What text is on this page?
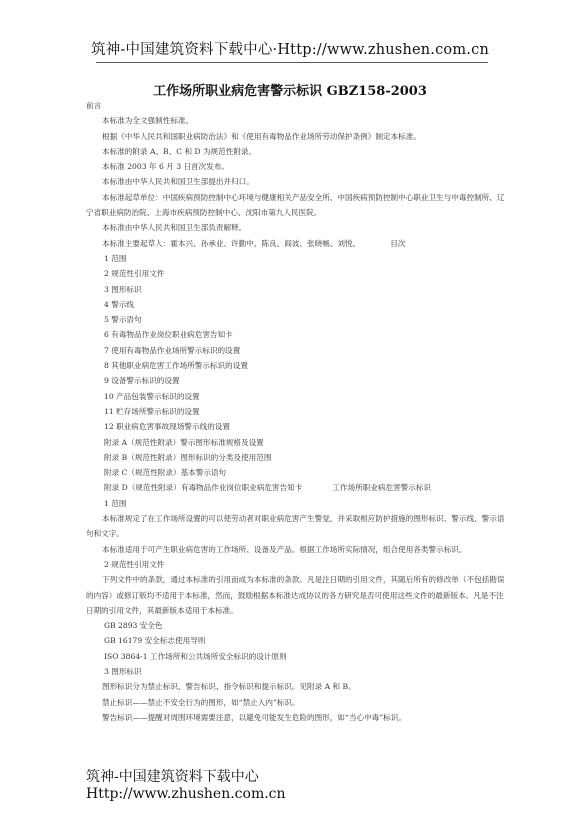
筑神-中国建筑资料下载中心·Http://www.zhushen.com.cn
工作场所职业病危害警示标识 GBZ158-2003
前言
本标准为全文强制性标准。
根据《中华人民共和国职业病防治法》和《使用有毒物品作业场所劳动保护条例》制定本标准。
本标准的附录 A、B、C 和 D 为规范性附录。
本标准 2003 年 6 月 3 日首次发布。
本标准由中华人民共和国卫生部提出并归口。
本标准起草单位：中国疾病预防控制中心环境与健康相关产品安全所、中国疾病预防控制中心职业卫生与中毒控制所、辽宁省职业病防治院、上海市疾病预防控制中心、沈阳市第九人民医院。
本标准由中华人民共和国卫生部负责解释。
本标准主要起草人：霍本兴、孙承业、许勤中、陈良、阎波、张晓畅、刘悦。	目次
1 范围
2 规范性引用文件
3 图形标识
4 警示线
5 警示语句
6 有毒物品作业岗位职业病危害告知卡
7 使用有毒物品作业场所警示标识的设置
8 其他职业病危害工作场所警示标识的设置
9 设备警示标识的设置
10 产品包装警示标识的设置
11 贮存场所警示标识的设置
12 职业病危害事故现场警示线的设置
附录 A（规范性附录）警示图形标准规格及设置
附录 B（规范性附录）图形标识的分类及使用范围
附录 C（规范性附录）基本警示语句
附录 D（规范性附录）有毒物品作业岗位职业病危害告知卡	工作场所职业病危害警示标识
1 范围
本标准规定了在工作场所设置的可以使劳动者对职业病危害产生警觉，并采取相应防护措施的图形标识、警示线、警示语句和文字。
本标准适用于可产生职业病危害的工作场所、设备及产品。根据工作场所实际情况，组合使用各类警示标识。
2 规范性引用文件
下列文件中的条款，通过本标准的引用而成为本标准的条款。凡是注日期的引用文件，其随后所有的修改单（不包括勘误的内容）或修订版均不适用于本标准，然而，鼓励根据本标准达成协议的各方研究是否可使用这些文件的最新版本。凡是不注日期的引用文件，其最新版本适用于本标准。
GB 2893 安全色
GB 16179 安全标志使用导则
ISO 3864-1 工作场所和公共场所安全标识的设计原则
3 图形标识
图形标识分为禁止标识、警告标识、指令标识和提示标识。见附录 A 和 B。
禁止标识——禁止不安全行为的图形，如“禁止入内”标识。
警告标识——提醒对周围环境需要注意，以避免可能发生危险的图形，如“当心中毒”标识。
筑神-中国建筑资料下载中心
Http://www.zhushen.com.cn
